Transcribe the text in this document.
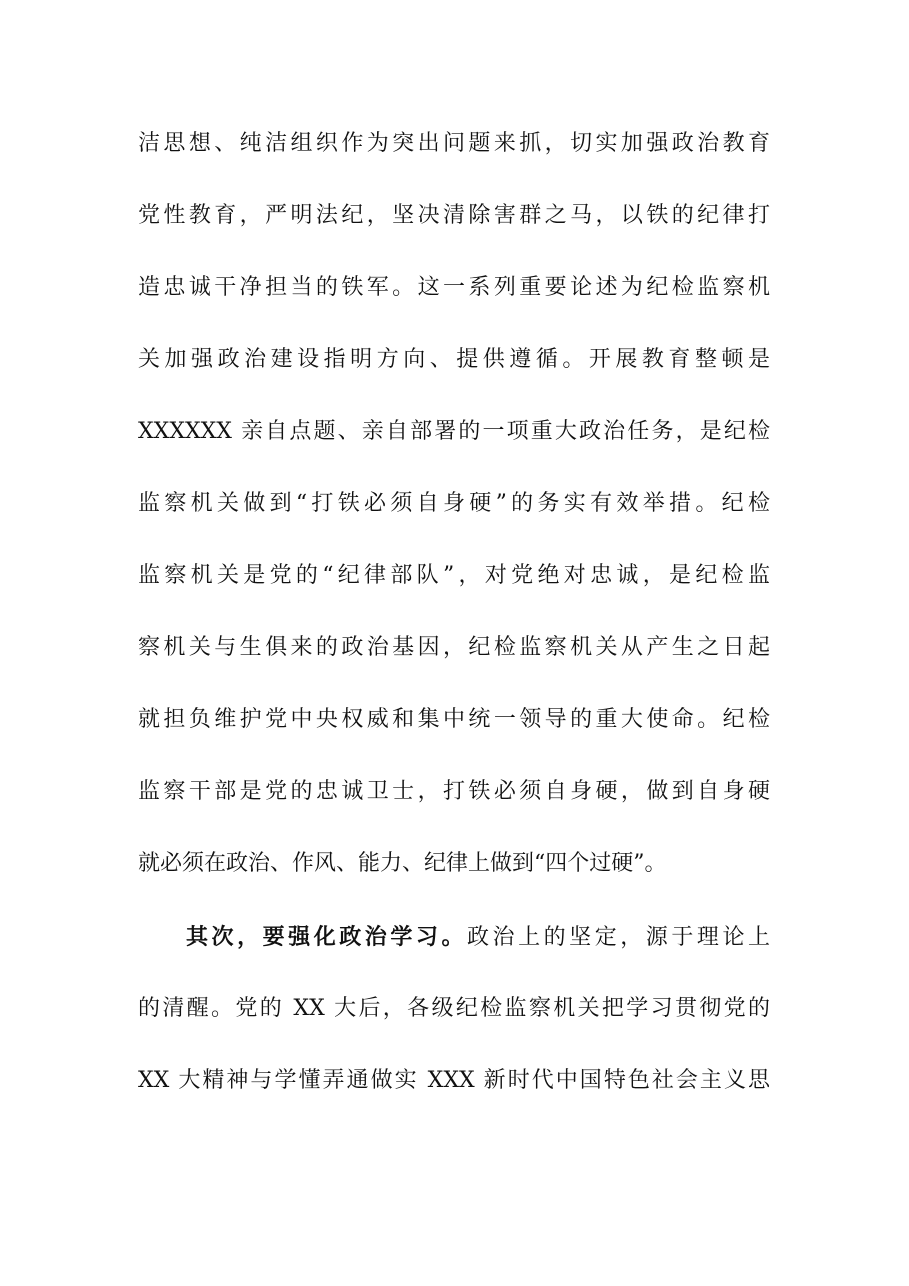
洁思想、纯洁组织作为突出问题来抓，切实加强政治教育
党性教育，严明法纪，坚决清除害群之马，以铁的纪律打
造忠诚干净担当的铁军。这一系列重要论述为纪检监察机
关加强政治建设指明方向、提供遵循。开展教育整顿是
XXXXXX 亲自点题、亲自部署的一项重大政治任务，是纪检
监察机关做到“打铁必须自身硬”的务实有效举措。纪检
监察机关是党的“纪律部队”，对党绝对忠诚，是纪检监
察机关与生俱来的政治基因，纪检监察机关从产生之日起
就担负维护党中央权威和集中统一领导的重大使命。纪检
监察干部是党的忠诚卫士，打铁必须自身硬，做到自身硬
就必须在政治、作风、能力、纪律上做到“四个过硬”。
其次，要强化政治学习。政治上的坚定，源于理论上
的清醒。党的 XX 大后，各级纪检监察机关把学习贯彻党的
XX 大精神与学懂弄通做实 XXX 新时代中国特色社会主义思
